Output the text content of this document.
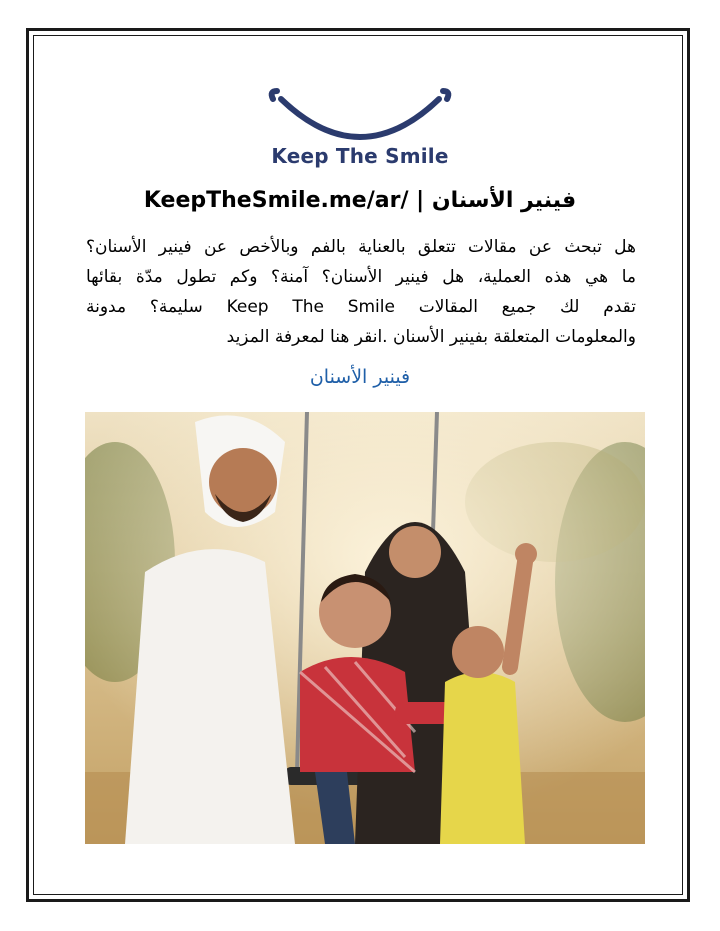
Keep The Smile
فينير الأسنان | /KeepTheSmile.me/ar
هل تبحث عن مقالات تتعلق بالعناية بالفم وبالأخص عن فينير الأسنان؟
ما هي هذه العملية، هل فينير الأسنان؟ آمنة؟ وكم تطول مدّة بقائها
تقدم لك جميع المقالات Keep The Smile سليمة؟ مدونة
والمعلومات المتعلقة بفينير الأسنان .انقر هنا لمعرفة المزيد
فينير الأسنان
